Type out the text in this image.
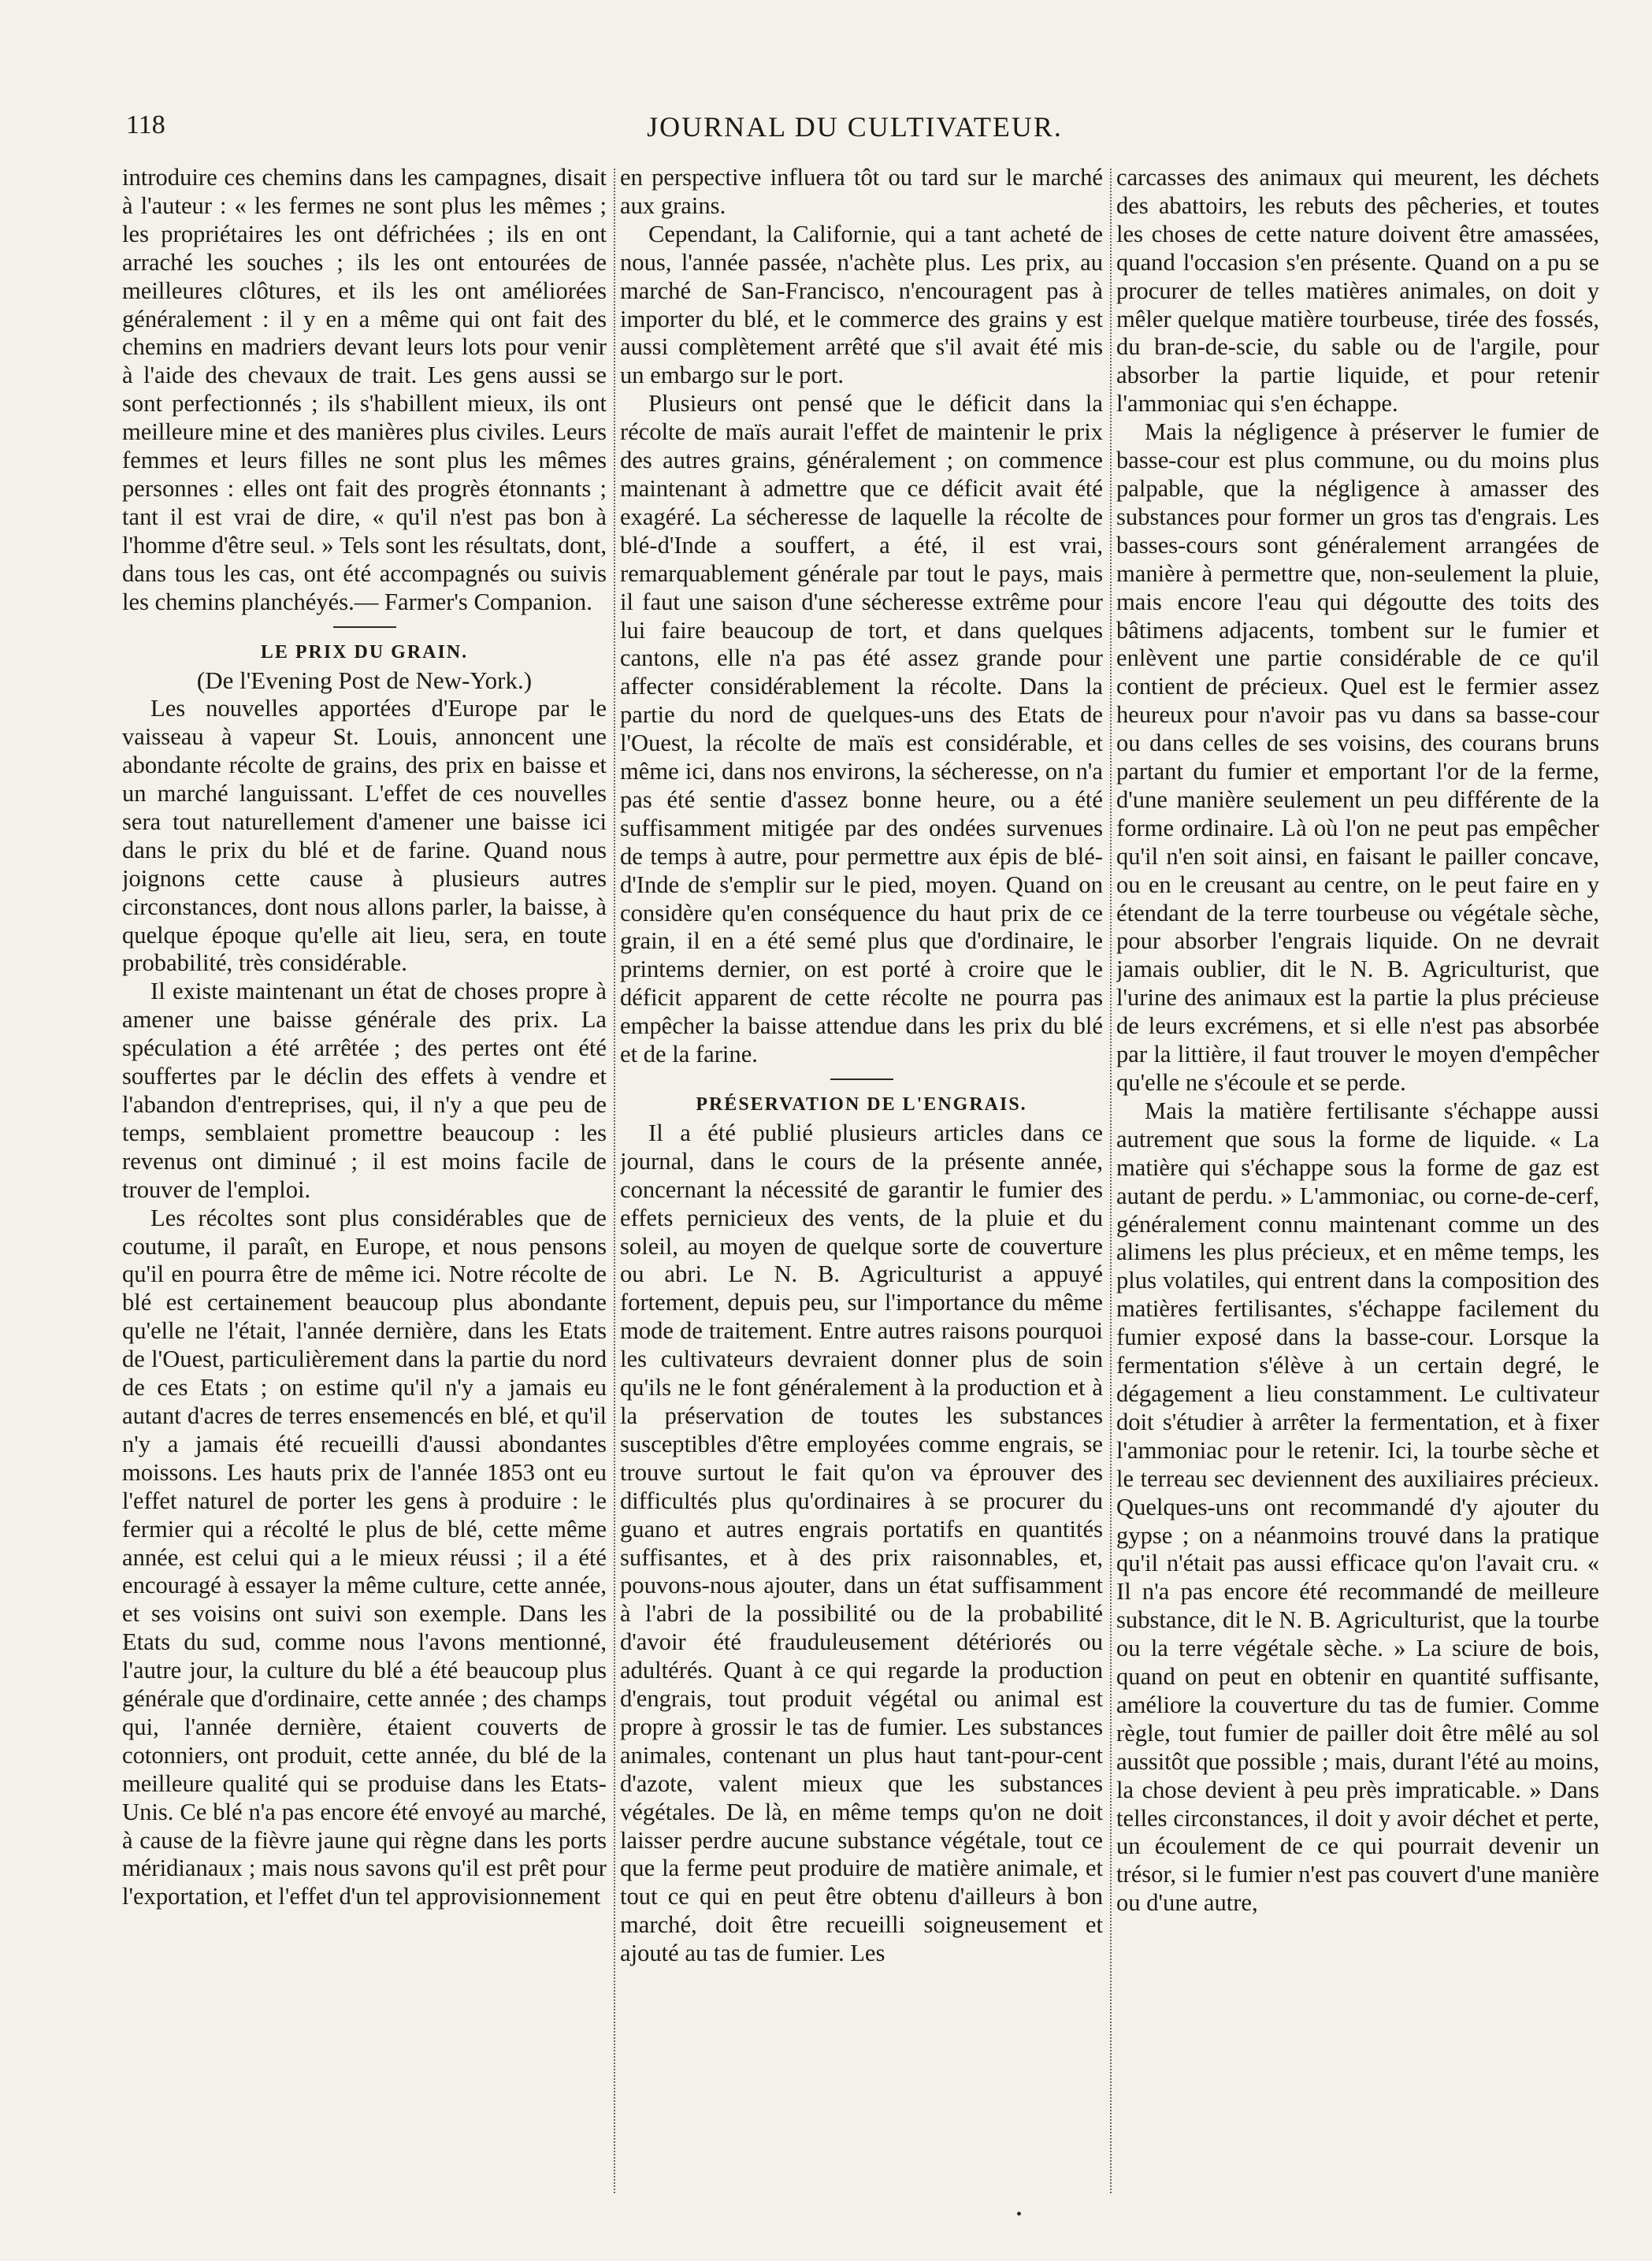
118	JOURNAL DU CULTIVATEUR.

introduire ces chemins dans les campagnes, disait à l'auteur : « les fermes ne sont plus les mêmes ; les propriétaires les ont défrichées ; ils en ont arraché les souches ; ils les ont entourées de meilleures clôtures, et ils les ont améliorées généralement : il y en a même qui ont fait des chemins en madriers devant leurs lots pour venir à l'aide des chevaux de trait. Les gens aussi se sont perfectionnés ; ils s'habillent mieux, ils ont meilleure mine et des manières plus civiles. Leurs femmes et leurs filles ne sont plus les mêmes personnes : elles ont fait des progrès étonnants ; tant il est vrai de dire, « qu'il n'est pas bon à l'homme d'être seul. » Tels sont les résultats, dont, dans tous les cas, ont été accompagnés ou suivis les chemins planchéyés.— Farmer's Companion.

LE PRIX DU GRAIN.
(De l'Evening Post de New-York.)

Les nouvelles apportées d'Europe par le vaisseau à vapeur St. Louis, annoncent une abondante récolte de grains, des prix en baisse et un marché languissant. L'effet de ces nouvelles sera tout naturellement d'amener une baisse ici dans le prix du blé et de farine. Quand nous joignons cette cause à plusieurs autres circonstances, dont nous allons parler, la baisse, à quelque époque qu'elle ait lieu, sera, en toute probabilité, très considérable.

Il existe maintenant un état de choses propre à amener une baisse générale des prix. La spéculation a été arrêtée ; des pertes ont été souffertes par le déclin des effets à vendre et l'abandon d'entreprises, qui, il n'y a que peu de temps, semblaient promettre beaucoup : les revenus ont diminué ; il est moins facile de trouver de l'emploi.

Les récoltes sont plus considérables que de coutume, il paraît, en Europe, et nous pensons qu'il en pourra être de même ici. Notre récolte de blé est certainement beaucoup plus abondante qu'elle ne l'était, l'année dernière, dans les Etats de l'Ouest, particulièrement dans la partie du nord de ces Etats ; on estime qu'il n'y a jamais eu autant d'acres de terres ensemencés en blé, et qu'il n'y a jamais été recueilli d'aussi abondantes moissons. Les hauts prix de l'année 1853 ont eu l'effet naturel de porter les gens à produire : le fermier qui a récolté le plus de blé, cette même année, est celui qui a le mieux réussi ; il a été encouragé à essayer la même culture, cette année, et ses voisins ont suivi son exemple. Dans les Etats du sud, comme nous l'avons mentionné, l'autre jour, la culture du blé a été beaucoup plus générale que d'ordinaire, cette année ; des champs qui, l'année dernière, étaient couverts de cotonniers, ont produit, cette année, du blé de la meilleure qualité qui se produise dans les Etats-Unis. Ce blé n'a pas encore été envoyé au marché, à cause de la fièvre jaune qui règne dans les ports méridianaux ; mais nous savons qu'il est prêt pour l'exportation, et l'effet d'un tel approvisionnement

en perspective influera tôt ou tard sur le marché aux grains.

Cependant, la Californie, qui a tant acheté de nous, l'année passée, n'achète plus. Les prix, au marché de San-Francisco, n'encouragent pas à importer du blé, et le commerce des grains y est aussi complètement arrêté que s'il avait été mis un embargo sur le port.

Plusieurs ont pensé que le déficit dans la récolte de maïs aurait l'effet de maintenir le prix des autres grains, généralement ; on commence maintenant à admettre que ce déficit avait été exagéré. La sécheresse de laquelle la récolte de blé-d'Inde a souffert, a été, il est vrai, remarquablement générale par tout le pays, mais il faut une saison d'une sécheresse extrême pour lui faire beaucoup de tort, et dans quelques cantons, elle n'a pas été assez grande pour affecter considérablement la récolte. Dans la partie du nord de quelques-uns des Etats de l'Ouest, la récolte de maïs est considérable, et même ici, dans nos environs, la sécheresse, on n'a pas été sentie d'assez bonne heure, ou a été suffisamment mitigée par des ondées survenues de temps à autre, pour permettre aux épis de blé-d'Inde de s'emplir sur le pied, moyen. Quand on considère qu'en conséquence du haut prix de ce grain, il en a été semé plus que d'ordinaire, le printems dernier, on est porté à croire que le déficit apparent de cette récolte ne pourra pas empêcher la baisse attendue dans les prix du blé et de la farine.

PRÉSERVATION DE L'ENGRAIS.

Il a été publié plusieurs articles dans ce journal, dans le cours de la présente année, concernant la nécessité de garantir le fumier des effets pernicieux des vents, de la pluie et du soleil, au moyen de quelque sorte de couverture ou abri. Le N. B. Agriculturist a appuyé fortement, depuis peu, sur l'importance du même mode de traitement. Entre autres raisons pourquoi les cultivateurs devraient donner plus de soin qu'ils ne le font généralement à la production et à la préservation de toutes les substances susceptibles d'être employées comme engrais, se trouve surtout le fait qu'on va éprouver des difficultés plus qu'ordinaires à se procurer du guano et autres engrais portatifs en quantités suffisantes, et à des prix raisonnables, et, pouvons-nous ajouter, dans un état suffisamment à l'abri de la possibilité ou de la probabilité d'avoir été frauduleusement détériorés ou adultérés. Quant à ce qui regarde la production d'engrais, tout produit végétal ou animal est propre à grossir le tas de fumier. Les substances animales, contenant un plus haut tant-pour-cent d'azote, valent mieux que les substances végétales. De là, en même temps qu'on ne doit laisser perdre aucune substance végétale, tout ce que la ferme peut produire de matière animale, et tout ce qui en peut être obtenu d'ailleurs à bon marché, doit être recueilli soigneusement et ajouté au tas de fumier. Les

carcasses des animaux qui meurent, les déchets des abattoirs, les rebuts des pêcheries, et toutes les choses de cette nature doivent être amassées, quand l'occasion s'en présente. Quand on a pu se procurer de telles matières animales, on doit y mêler quelque matière tourbeuse, tirée des fossés, du bran-de-scie, du sable ou de l'argile, pour absorber la partie liquide, et pour retenir l'ammoniac qui s'en échappe.

Mais la négligence à préserver le fumier de basse-cour est plus commune, ou du moins plus palpable, que la négligence à amasser des substances pour former un gros tas d'engrais. Les basses-cours sont généralement arrangées de manière à permettre que, non-seulement la pluie, mais encore l'eau qui dégoutte des toits des bâtimens adjacents, tombent sur le fumier et enlèvent une partie considérable de ce qu'il contient de précieux. Quel est le fermier assez heureux pour n'avoir pas vu dans sa basse-cour ou dans celles de ses voisins, des courans bruns partant du fumier et emportant l'or de la ferme, d'une manière seulement un peu différente de la forme ordinaire. Là où l'on ne peut pas empêcher qu'il n'en soit ainsi, en faisant le pailler concave, ou en le creusant au centre, on le peut faire en y étendant de la terre tourbeuse ou végétale sèche, pour absorber l'engrais liquide. On ne devrait jamais oublier, dit le N. B. Agriculturist, que l'urine des animaux est la partie la plus précieuse de leurs excrémens, et si elle n'est pas absorbée par la littière, il faut trouver le moyen d'empêcher qu'elle ne s'écoule et se perde.

Mais la matière fertilisante s'échappe aussi autrement que sous la forme de liquide. « La matière qui s'échappe sous la forme de gaz est autant de perdu. » L'ammoniac, ou corne-de-cerf, généralement connu maintenant comme un des alimens les plus précieux, et en même temps, les plus volatiles, qui entrent dans la composition des matières fertilisantes, s'échappe facilement du fumier exposé dans la basse-cour. Lorsque la fermentation s'élève à un certain degré, le dégagement a lieu constamment. Le cultivateur doit s'étudier à arrêter la fermentation, et à fixer l'ammoniac pour le retenir. Ici, la tourbe sèche et le terreau sec deviennent des auxiliaires précieux. Quelques-uns ont recommandé d'y ajouter du gypse ; on a néanmoins trouvé dans la pratique qu'il n'était pas aussi efficace qu'on l'avait cru. « Il n'a pas encore été recommandé de meilleure substance, dit le N. B. Agriculturist, que la tourbe ou la terre végétale sèche. » La sciure de bois, quand on peut en obtenir en quantité suffisante, améliore la couverture du tas de fumier. Comme règle, tout fumier de pailler doit être mêlé au sol aussitôt que possible ; mais, durant l'été au moins, la chose devient à peu près impraticable. » Dans telles circonstances, il doit y avoir déchet et perte, un écoulement de ce qui pourrait devenir un trésor, si le fumier n'est pas couvert d'une manière ou d'une autre,

•
